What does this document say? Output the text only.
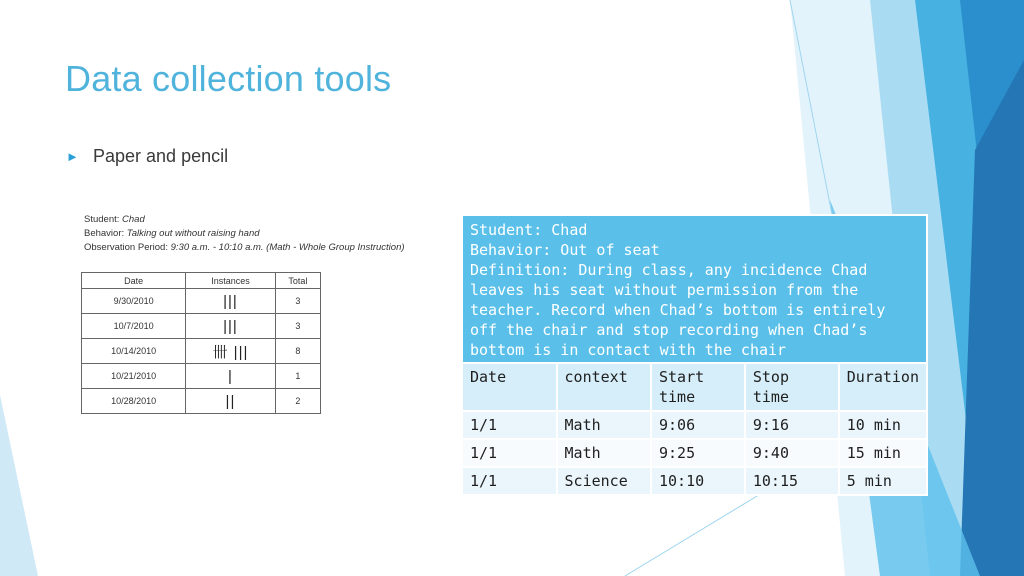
Data collection tools
► Paper and pencil
Student: Chad
Behavior: Talking out without raising hand
Observation Period: 9:30 a.m. - 10:10 a.m. (Math - Whole Group Instruction)
Date	Instances	Total
9/30/2010	|||	3
10/7/2010	|||	3
10/14/2010	卌 |||	8
10/21/2010	|	1
10/28/2010	||	2
Student: Chad
Behavior: Out of seat
Definition: During class, any incidence Chad leaves his seat without permission from the teacher. Record when Chad’s bottom is entirely off the chair and stop recording when Chad’s bottom is in contact with the chair				

Date	context	Start time	Stop time	Duration
1/1	Math	9:06	9:16	10 min
1/1	Math	9:25	9:40	15 min
1/1	Science	10:10	10:15	5 min
